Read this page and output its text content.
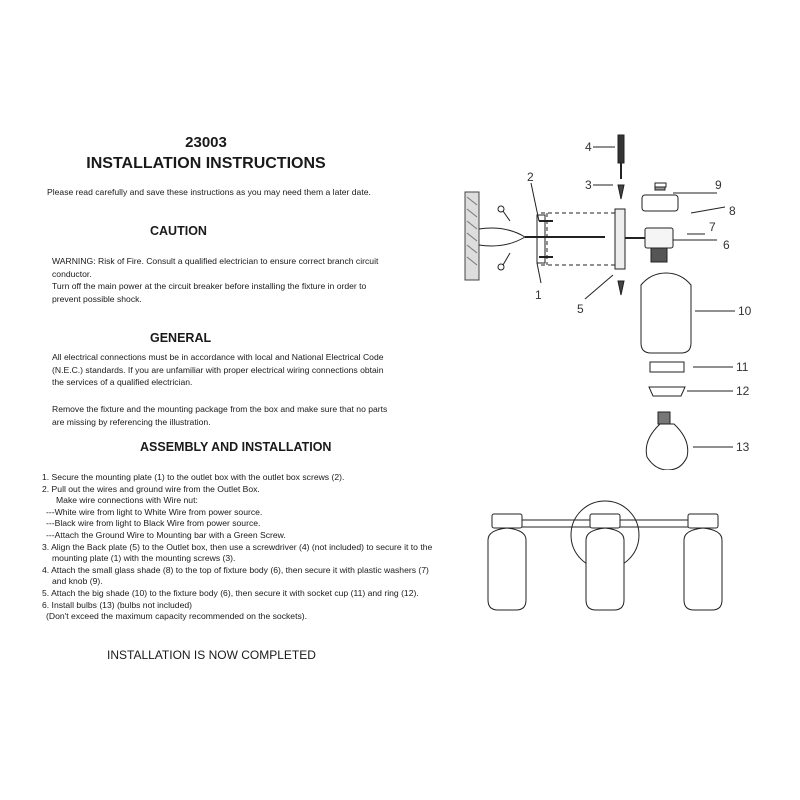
23003
INSTALLATION INSTRUCTIONS
Please read carefully and save these instructions as you may need them a later date.
CAUTION
WARNING: Risk of Fire. Consult a qualified electrician to ensure correct branch circuit
conductor.
Turn off the main power at the circuit breaker before installing the fixture in order to
prevent possible shock.
GENERAL
All electrical connections must be in accordance with local and National Electrical Code
(N.E.C.) standards. If you are unfamiliar with proper electrical wiring connections obtain
the services of a qualified electrician.
Remove the fixture and the mounting package from the box and make sure that no parts
are missing by referencing the illustration.
ASSEMBLY AND INSTALLATION
1. Secure the mounting plate (1) to the outlet box with the outlet box screws (2).
2. Pull out the wires and ground wire from the Outlet Box.
Make wire connections with Wire nut:
---White wire from light to White Wire from power source.
---Black wire from light to Black Wire from power source.
---Attach the Ground Wire to Mounting bar with a Green Screw.
3. Align the Back plate (5) to the Outlet box, then use a screwdriver (4) (not included) to secure it to the
mounting plate (1) with the mounting screws (3).
4. Attach the small glass shade (8) to the top of fixture body (6), then secure it with plastic washers (7)
and knob (9).
5. Attach the big shade (10) to the fixture body (6), then secure it with socket cup (11) and ring (12).
6. Install bulbs (13) (bulbs not included)
(Don't exceed the maximum capacity recommended on the sockets).
INSTALLATION IS NOW COMPLETED
1
2
3
4
5
6
7
8
9
10
11
12
13
